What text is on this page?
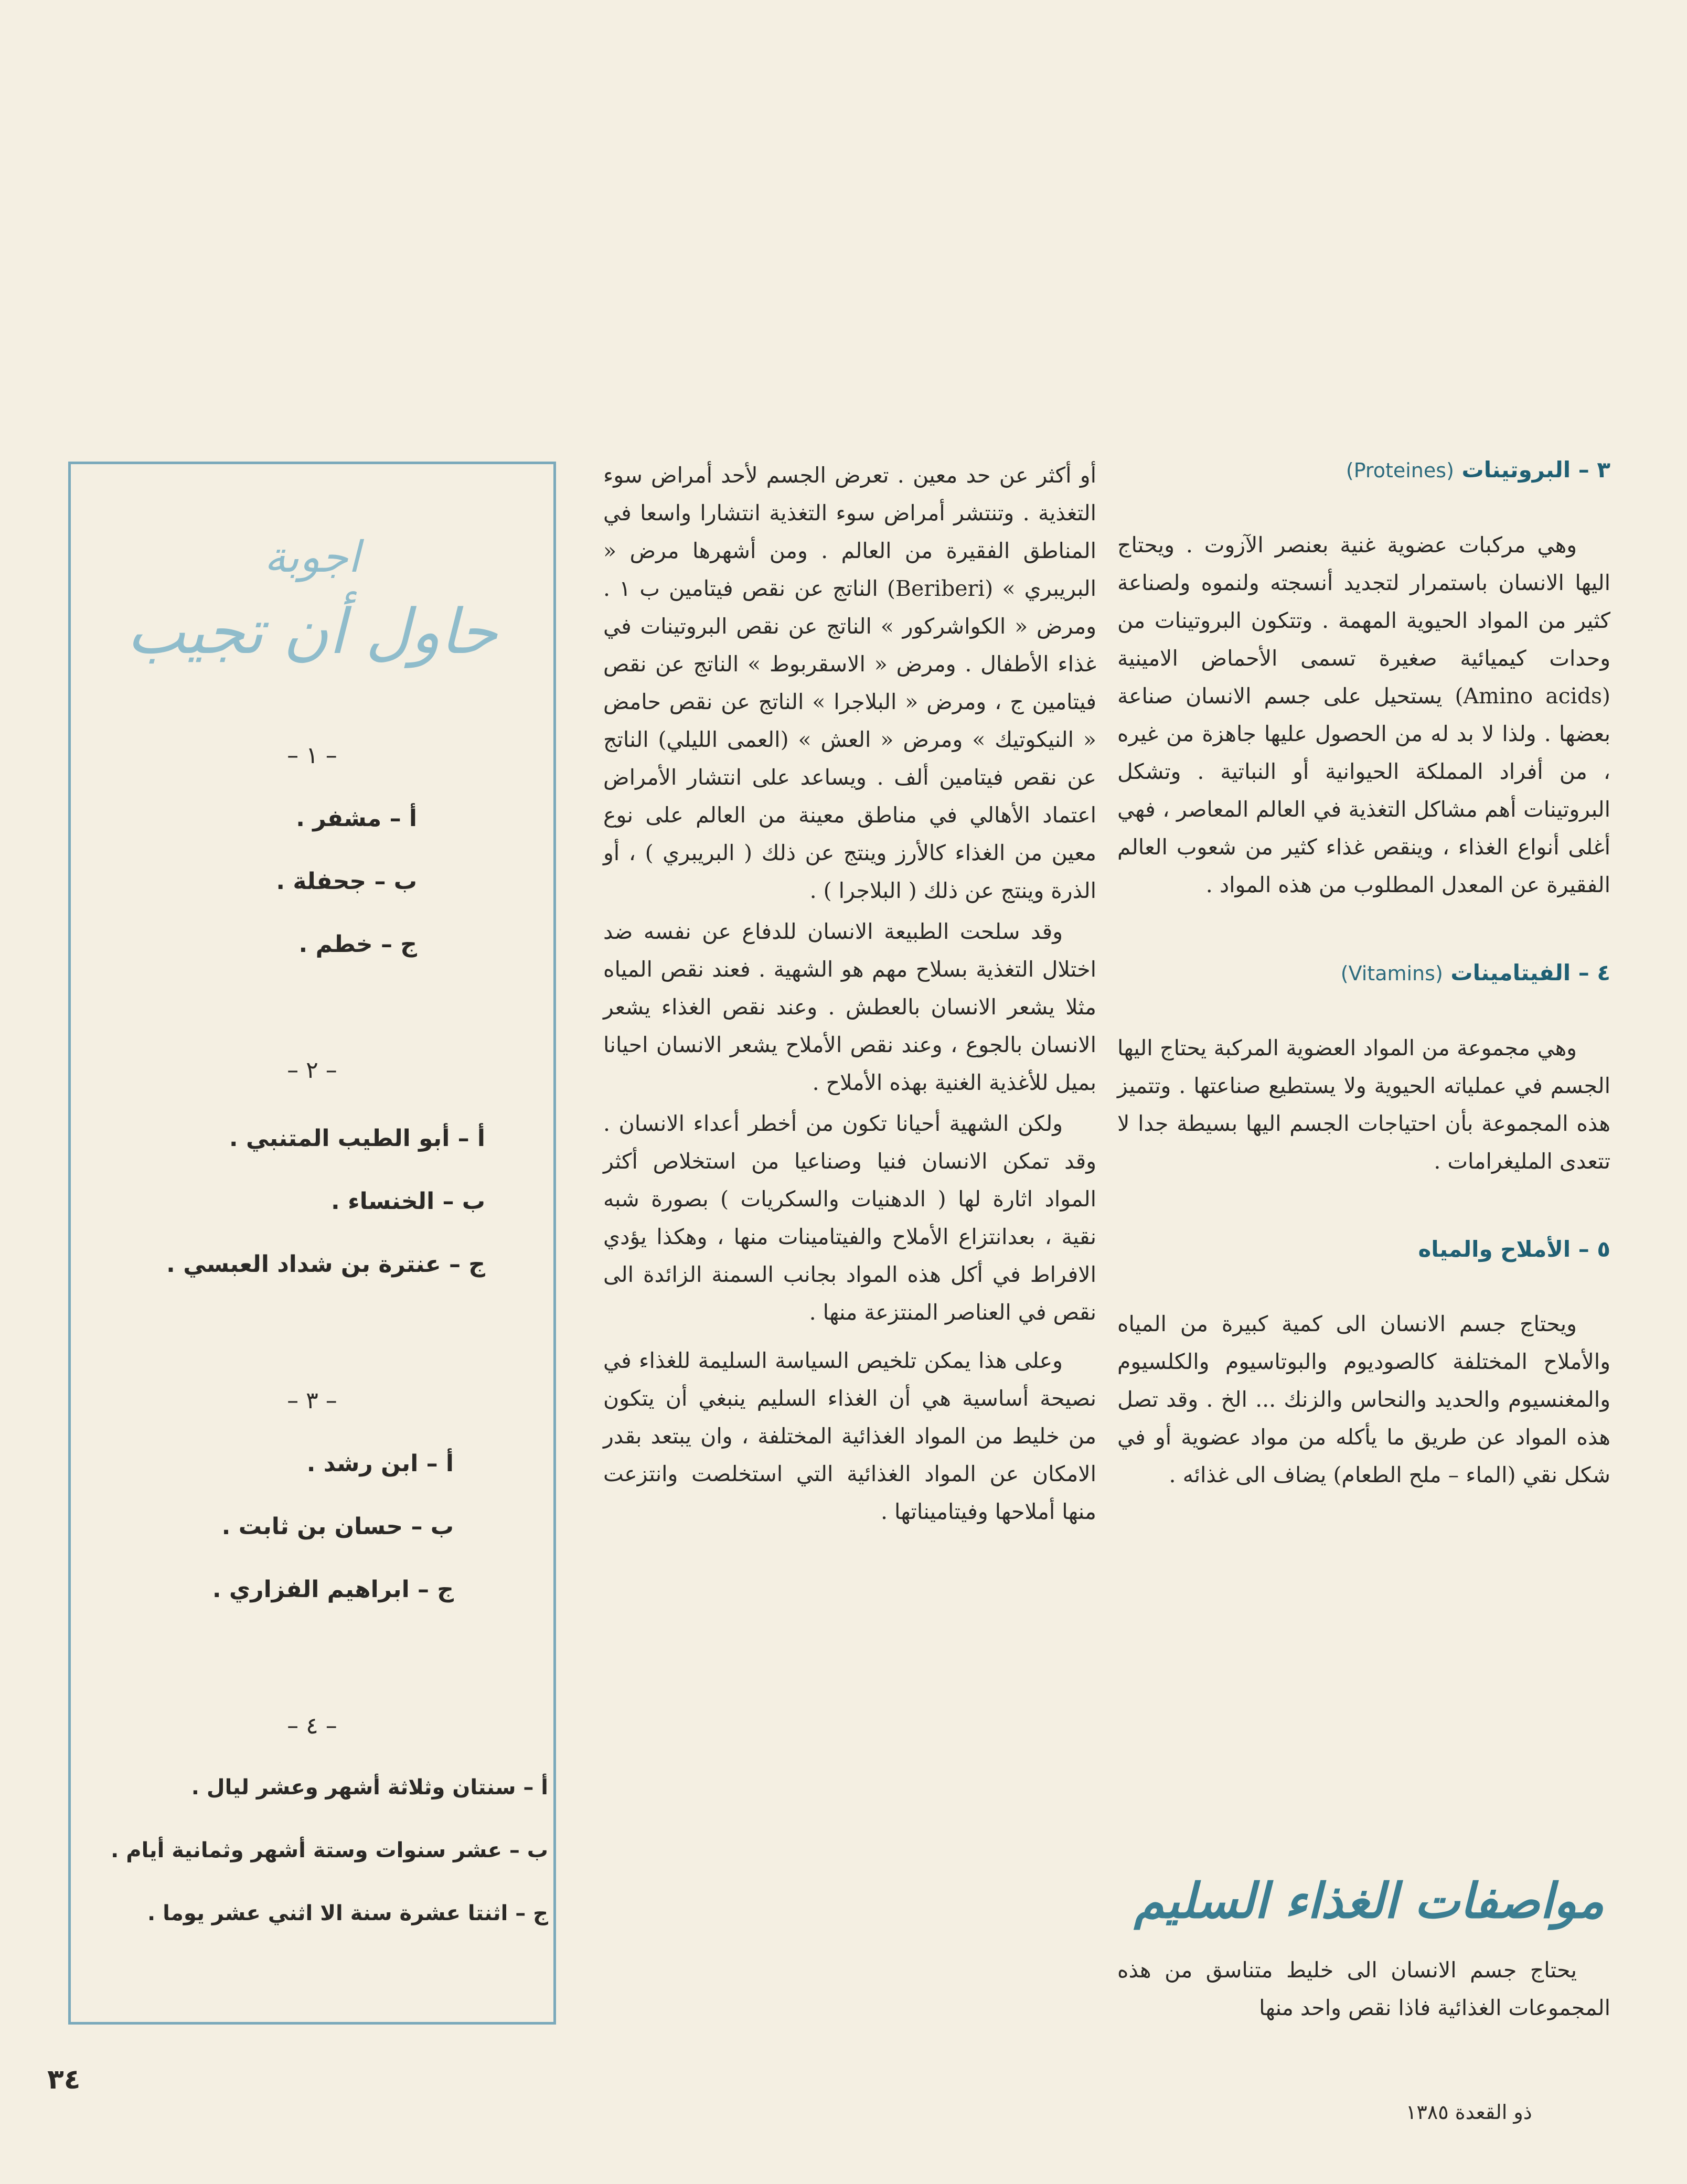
٣ – البروتينات (Proteines)

وهي مركبات عضوية غنية بعنصر الآزوت . ويحتاج اليها الانسان باستمرار لتجديد أنسجته ولنموه ولصناعة كثير من المواد الحيوية المهمة . وتتكون البروتينات من وحدات كيميائية صغيرة تسمى الأحماض الامينية (Amino acids) يستحيل على جسم الانسان صناعة بعضها . ولذا لا بد له من الحصول عليها جاهزة من غيره ، من أفراد المملكة الحيوانية أو النباتية . وتشكل البروتينات أهم مشاكل التغذية في العالم المعاصر ، فهي أغلى أنواع الغذاء ، وينقص غذاء كثير من شعوب العالم الفقيرة عن المعدل المطلوب من هذه المواد .

٤ – الفيتامينات (Vitamins)

وهي مجموعة من المواد العضوية المركبة يحتاج اليها الجسم في عملياته الحيوية ولا يستطيع صناعتها . وتتميز هذه المجموعة بأن احتياجات الجسم اليها بسيطة جدا لا تتعدى المليغرامات .

٥ – الأملاح والمياه

ويحتاج جسم الانسان الى كمية كبيرة من المياه والأملاح المختلفة كالصوديوم والبوتاسيوم والكلسيوم والمغنسيوم والحديد والنحاس والزنك ... الخ . وقد تصل هذه المواد عن طريق ما يأكله من مواد عضوية أو في شكل نقي (الماء – ملح الطعام) يضاف الى غذائه .

مواصفات الغذاء السليم

يحتاج جسم الانسان الى خليط متناسق من هذه المجموعات الغذائية فاذا نقص واحد منها

أو أكثر عن حد معين . تعرض الجسم لأحد أمراض سوء التغذية . وتنتشر أمراض سوء التغذية انتشارا واسعا في المناطق الفقيرة من العالم . ومن أشهرها مرض « البريبري » (Beriberi) الناتج عن نقص فيتامين ب ١ . ومرض « الكواشركور » الناتج عن نقص البروتينات في غذاء الأطفال . ومرض « الاسقربوط » الناتج عن نقص فيتامين ج ، ومرض « البلاجرا » الناتج عن نقص حامض « النيكوتيك » ومرض « العش » (العمى الليلي) الناتج عن نقص فيتامين ألف . ويساعد على انتشار الأمراض اعتماد الأهالي في مناطق معينة من العالم على نوع معين من الغذاء كالأرز وينتج عن ذلك ( البريبري ) ، أو الذرة وينتج عن ذلك ( البلاجرا ) .

وقد سلحت الطبيعة الانسان للدفاع عن نفسه ضد اختلال التغذية بسلاح مهم هو الشهية . فعند نقص المياه مثلا يشعر الانسان بالعطش . وعند نقص الغذاء يشعر الانسان بالجوع ، وعند نقص الأملاح يشعر الانسان احيانا بميل للأغذية الغنية بهذه الأملاح .

ولكن الشهية أحيانا تكون من أخطر أعداء الانسان . وقد تمكن الانسان فنيا وصناعيا من استخلاص أكثر المواد اثارة لها ( الدهنيات والسكريات ) بصورة شبه نقية ، بعدانتزاع الأملاح والفيتامينات منها ، وهكذا يؤدي الافراط في أكل هذه المواد بجانب السمنة الزائدة الى نقص في العناصر المنتزعة منها .

وعلى هذا يمكن تلخيص السياسة السليمة للغذاء في نصيحة أساسية هي أن الغذاء السليم ينبغي أن يتكون من خليط من المواد الغذائية المختلفة ، وان يبتعد بقدر الامكان عن المواد الغذائية التي استخلصت وانتزعت منها أملاحها وفيتاميناتها .

اجوبة
حاول أن تجيب
– ١ –
أ – مشفر .
ب – جحفلة .
ج – خطم .
– ٢ –
أ – أبو الطيب المتنبي .
ب – الخنساء .
ج – عنترة بن شداد العبسي .
– ٣ –
أ – ابن رشد .
ب – حسان بن ثابت .
ج – ابراهيم الفزاري .
– ٤ –
أ – سنتان وثلاثة أشهر وعشر ليال .
ب – عشر سنوات وستة أشهر وثمانية أيام .
ج – اثنتا عشرة سنة الا اثني عشر يوما .
٣٤
ذو القعدة ١٣٨٥
